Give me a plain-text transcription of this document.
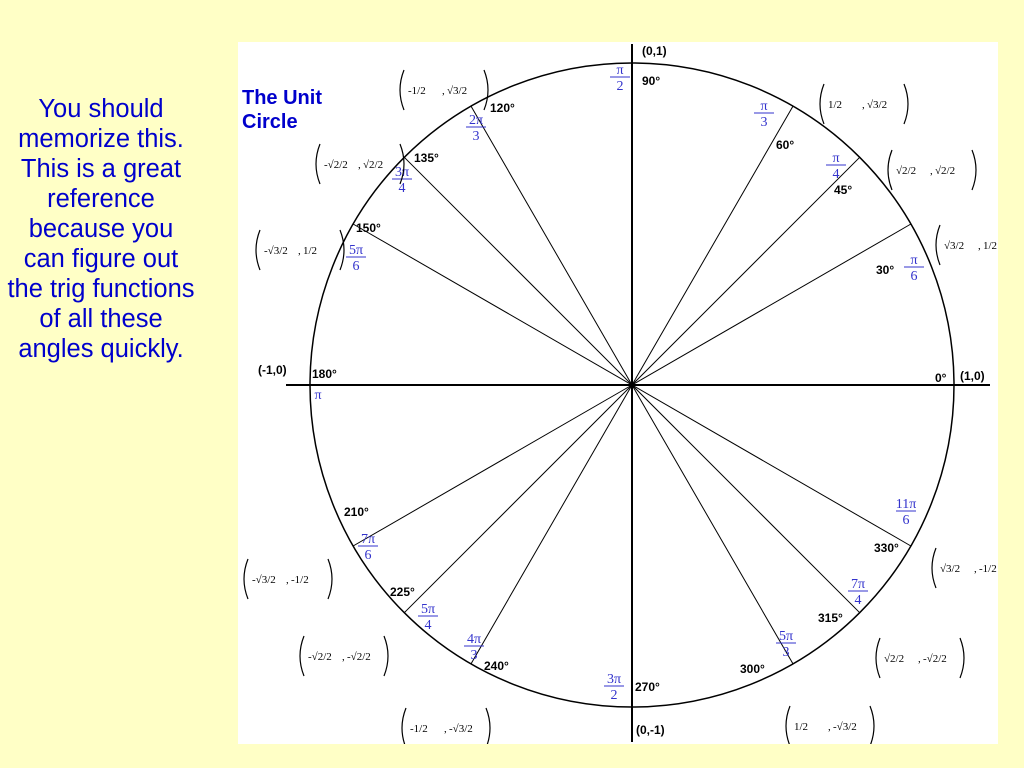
You should memorize this. This is a great reference because you can figure out the trig functions of all these angles quickly.
(0,1)
(0,-1)
(-1,0)	(1,0)
0°
30°
π
6
√3/2 , 1/2
45°
π
4	√2/2 , √2/2
60°
π
3
1/2 , √3/2
90°
π
2
120°
2π
3
-1/2 , √3/2
135°
3π
4
-√2/2 , √2/2
150°
5π
6
-√3/2 , 1/2
180°
π
210°
7π
6
-√3/2 , -1/2
225°
5π
4
-√2/2 , -√2/2
240°
4π
3
-1/2 , -√3/2
270°
3π
2
300°
5π
3
1/2 , -√3/2
315°
7π
4
√2/2 , -√2/2
330°
11π
6
√3/2 , -1/2
The Unit Circle
